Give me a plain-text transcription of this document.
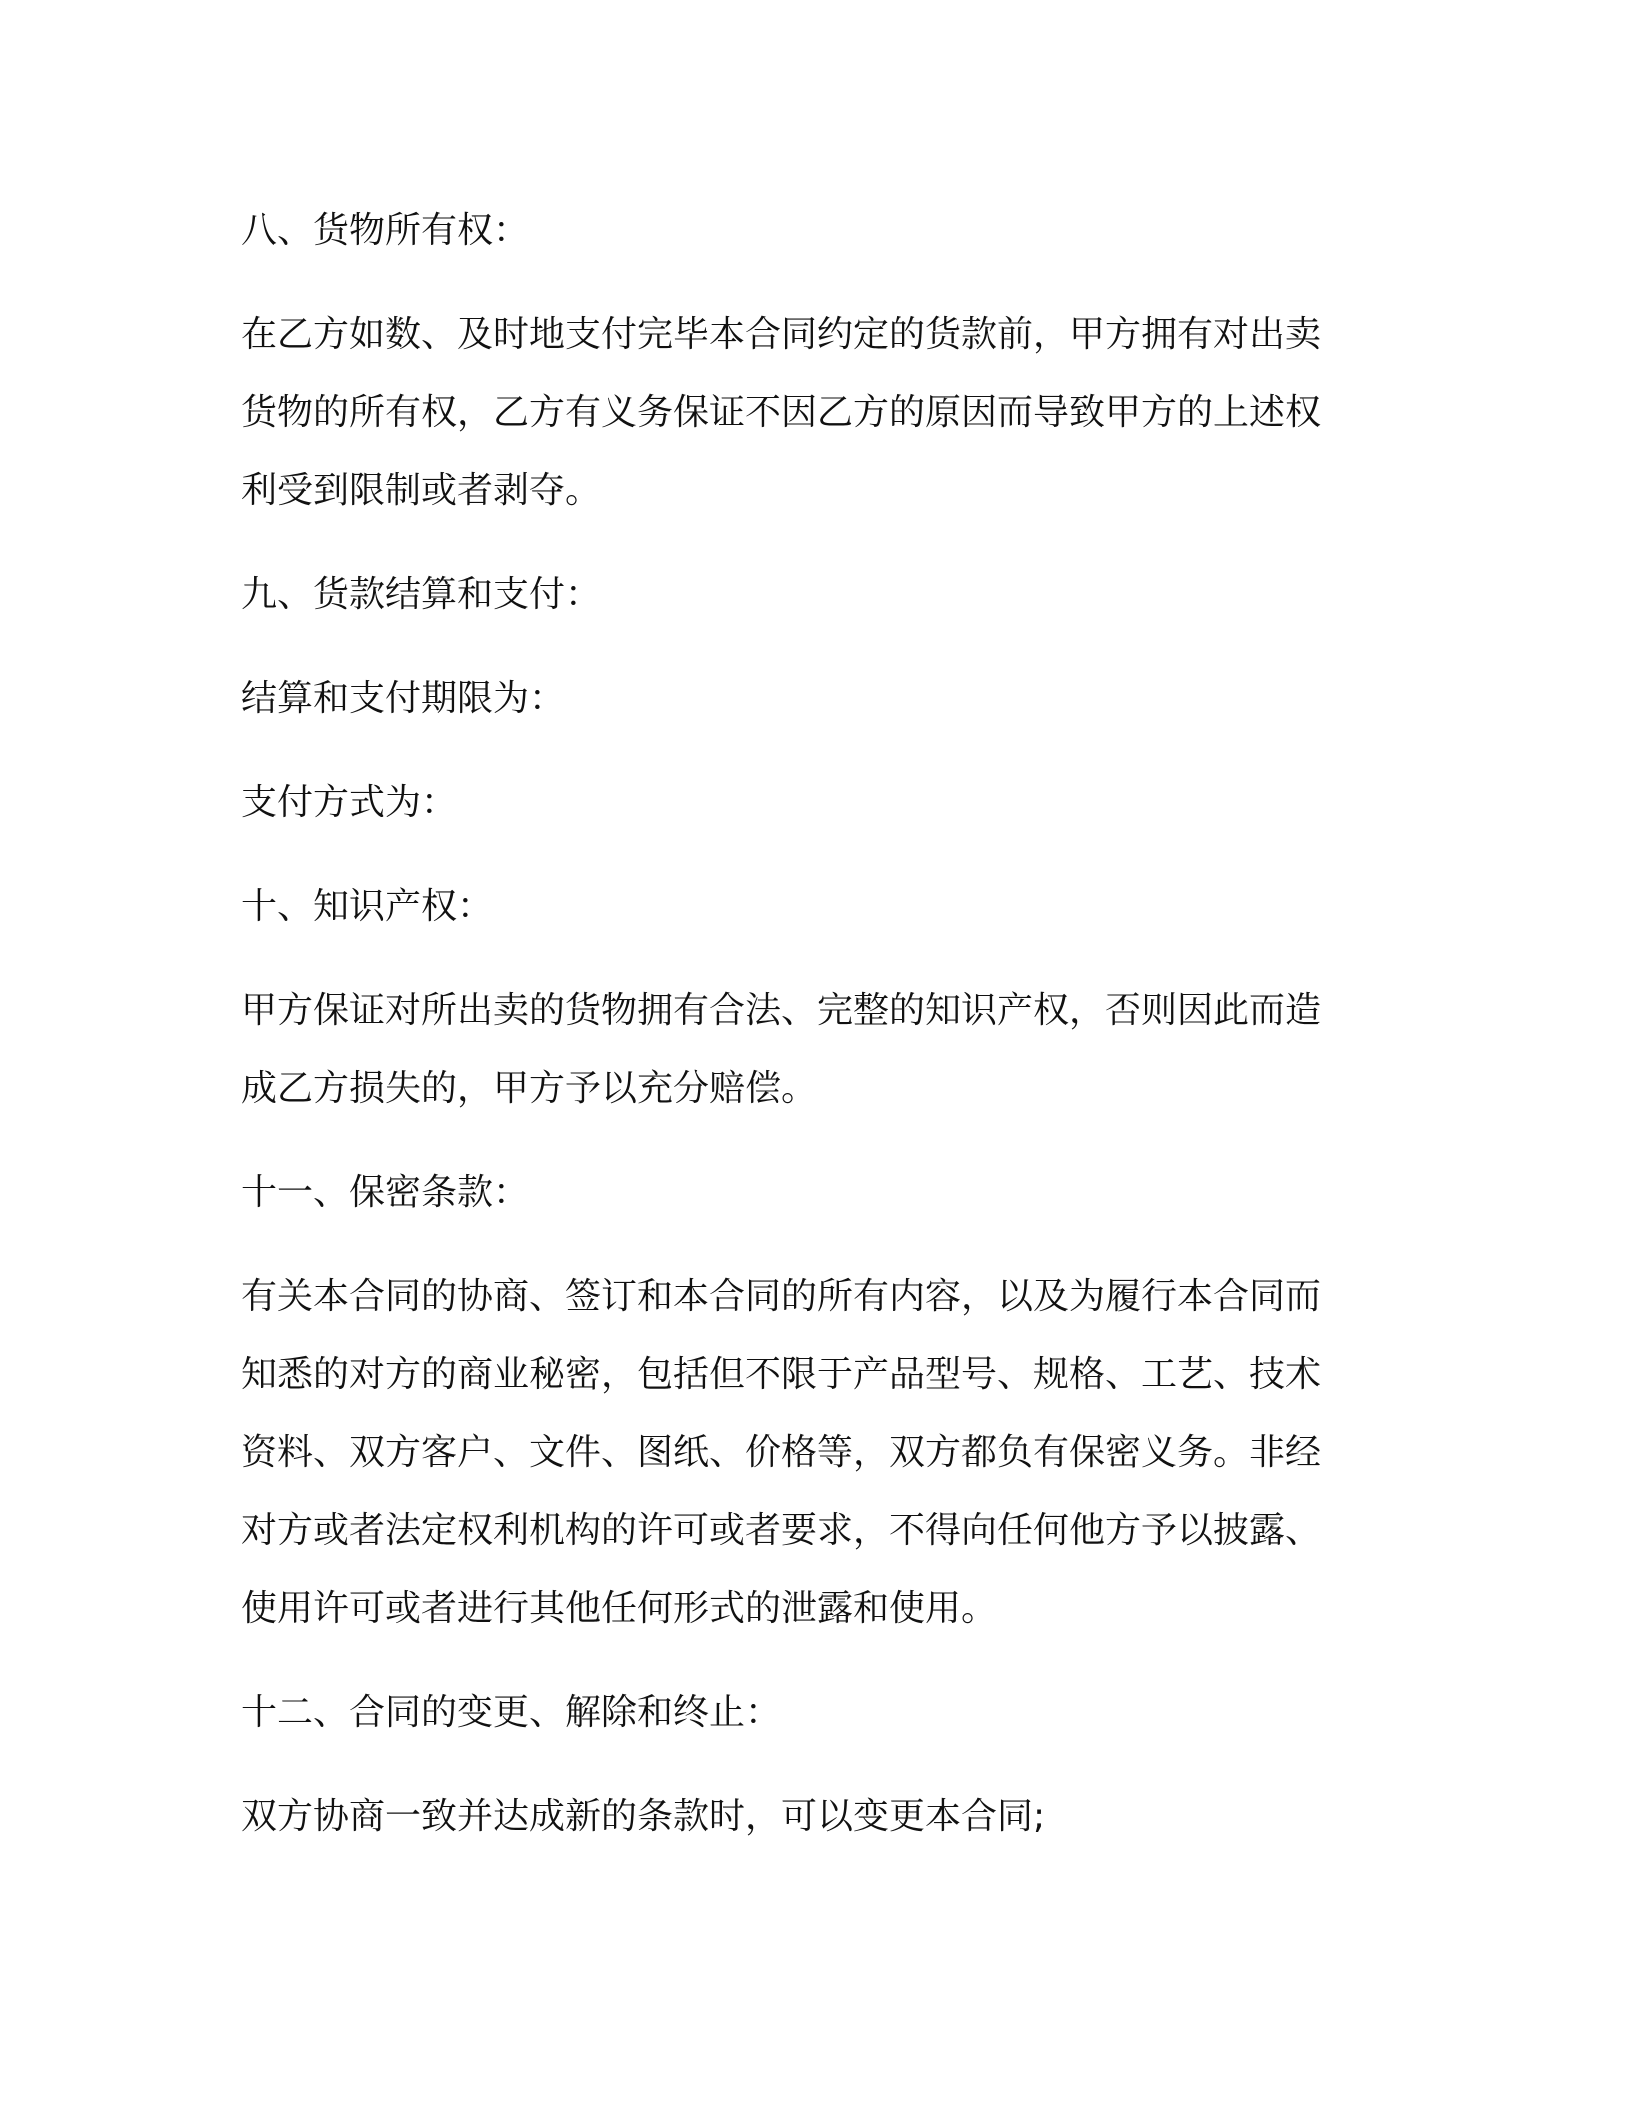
八、货物所有权：
在乙方如数、及时地支付完毕本合同约定的货款前，甲方拥有对出卖
货物的所有权，乙方有义务保证不因乙方的原因而导致甲方的上述权
利受到限制或者剥夺。
九、货款结算和支付：
结算和支付期限为：
支付方式为：
十、知识产权：
甲方保证对所出卖的货物拥有合法、完整的知识产权，否则因此而造
成乙方损失的，甲方予以充分赔偿。
十一、保密条款：
有关本合同的协商、签订和本合同的所有内容，以及为履行本合同而
知悉的对方的商业秘密，包括但不限于产品型号、规格、工艺、技术
资料、双方客户、文件、图纸、价格等，双方都负有保密义务。非经
对方或者法定权利机构的许可或者要求，不得向任何他方予以披露、
使用许可或者进行其他任何形式的泄露和使用。
十二、合同的变更、解除和终止：
双方协商一致并达成新的条款时，可以变更本合同;
